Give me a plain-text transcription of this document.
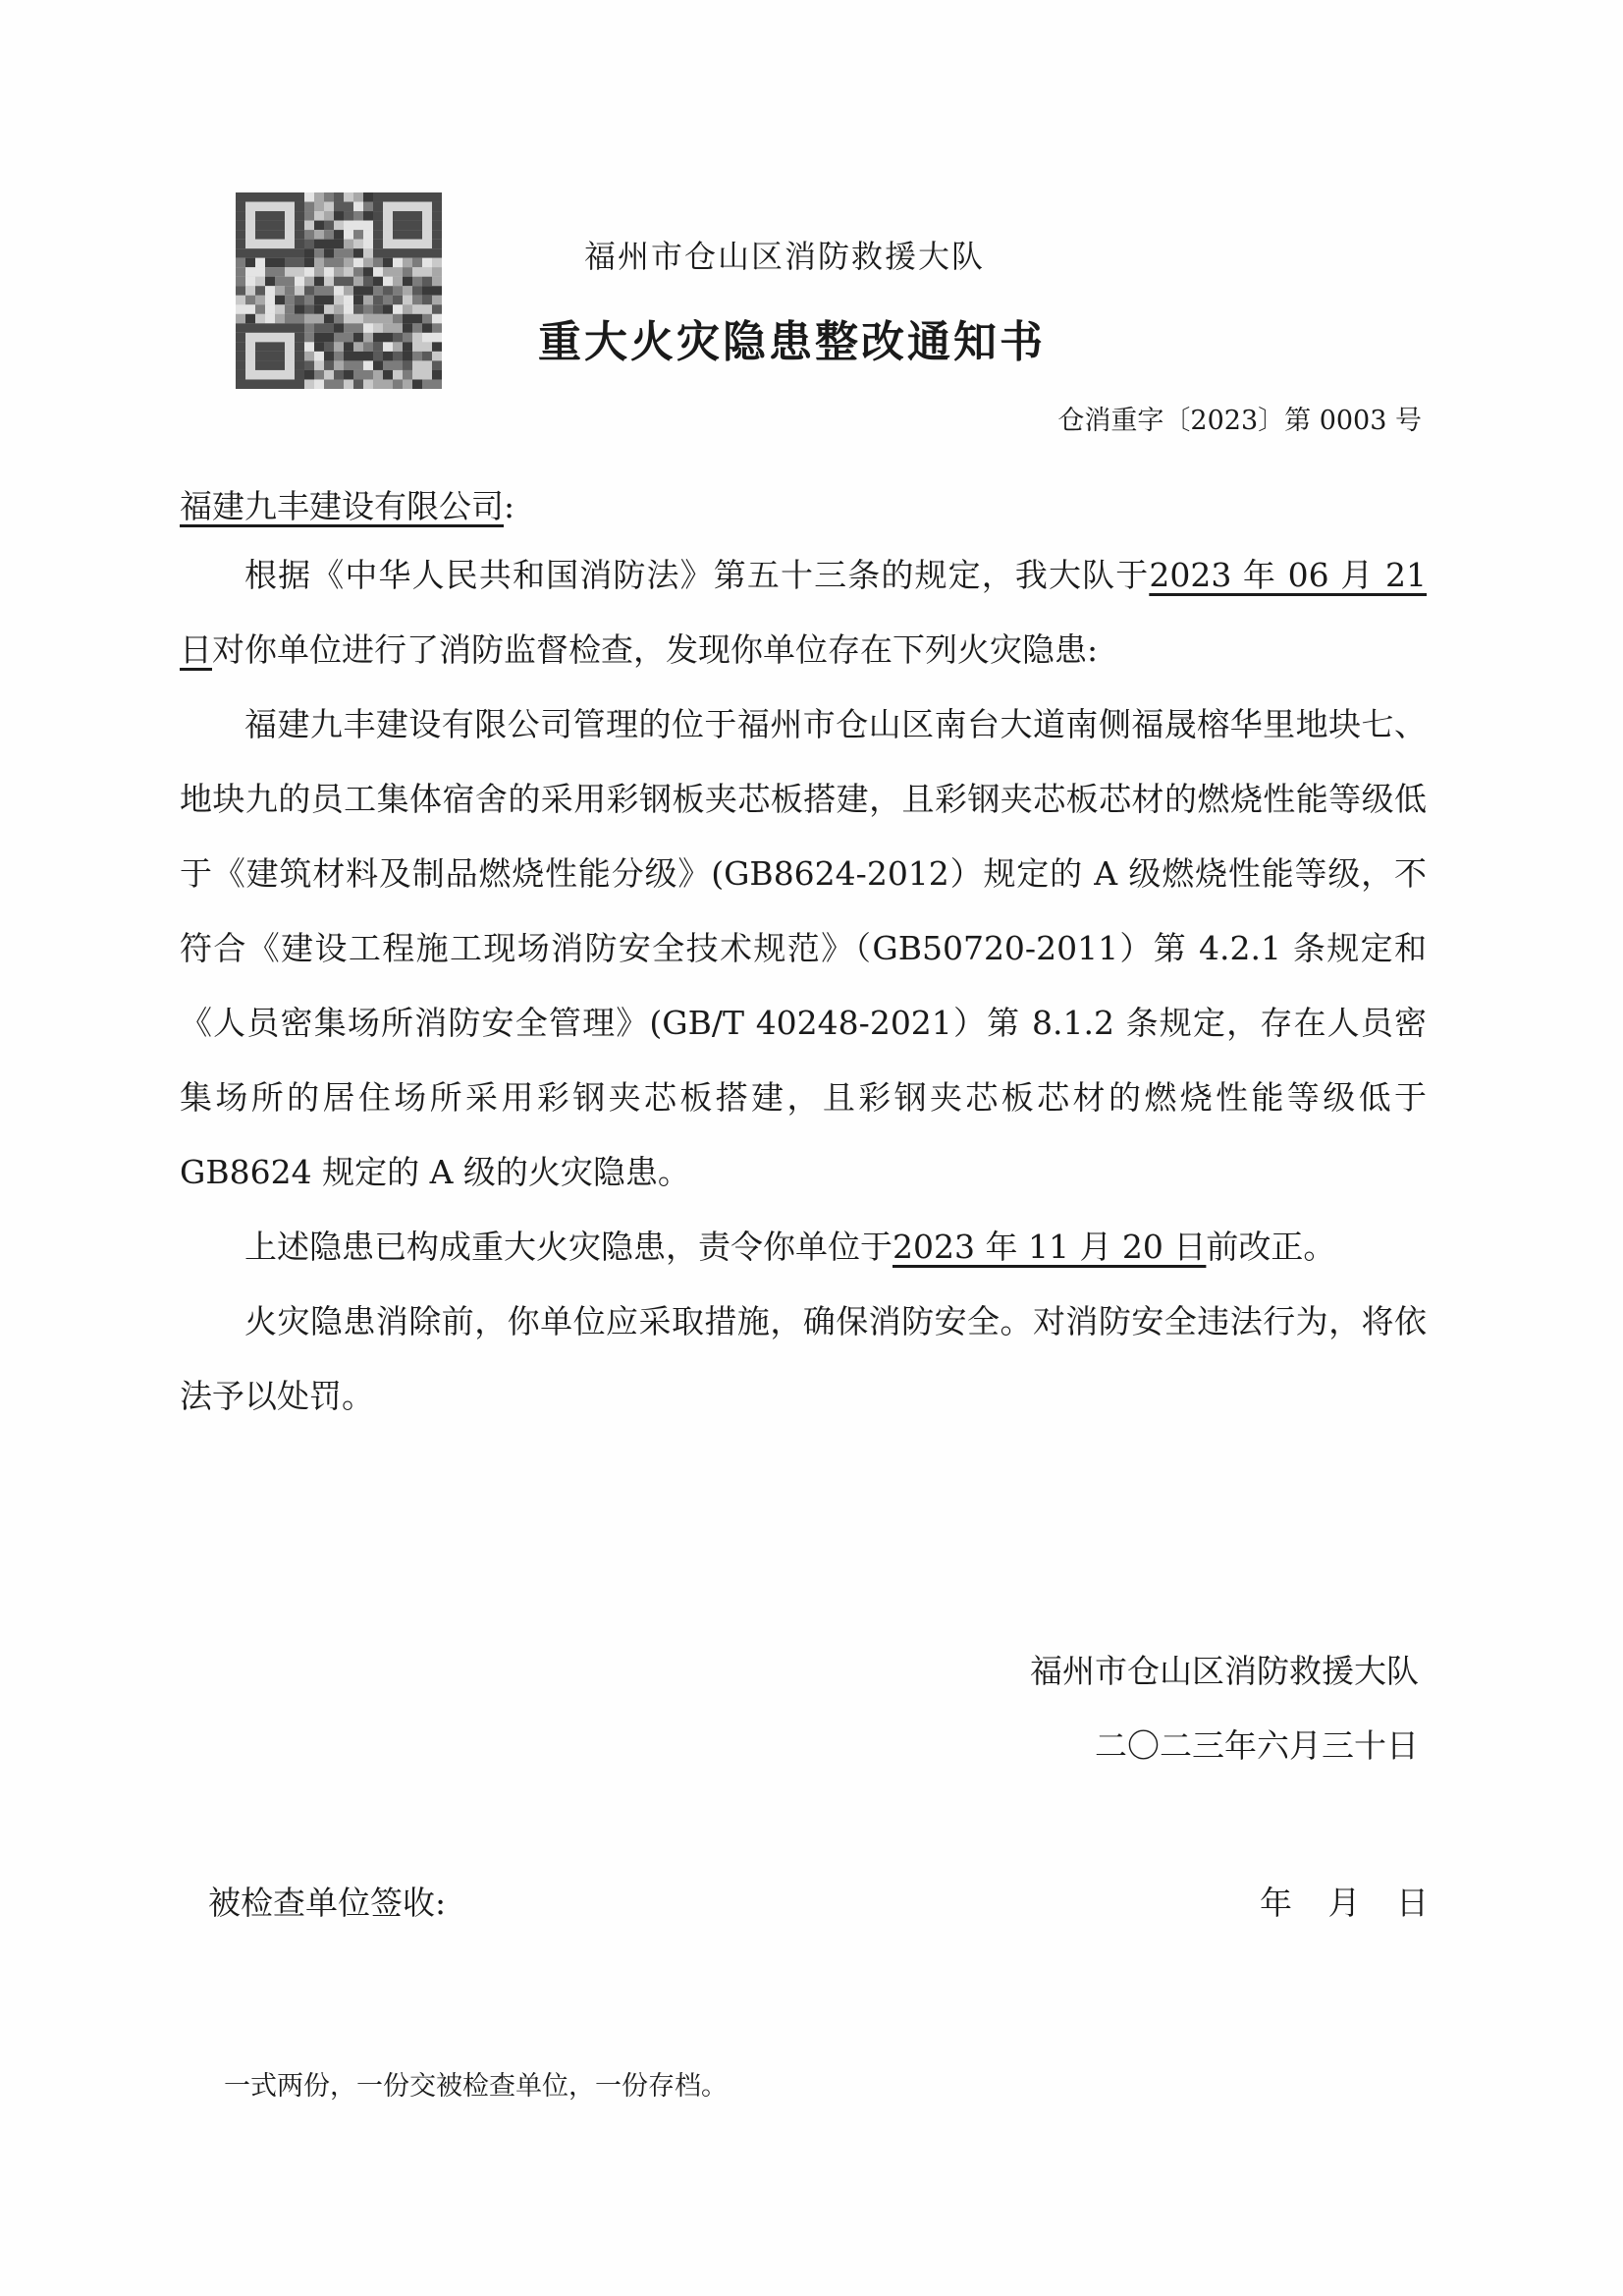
福州市仓山区消防救援大队
重大火灾隐患整改通知书
仓消重字〔2023〕第 0003 号
福建九丰建设有限公司:

根据《中华人民共和国消防法》第五十三条的规定，我大队于2023 年 06 月 21 日对你单位进行了消防监督检查，发现你单位存在下列火灾隐患:

福建九丰建设有限公司管理的位于福州市仓山区南台大道南侧福晟榕华里地块七、地块九的员工集体宿舍的采用彩钢板夹芯板搭建，且彩钢夹芯板芯材的燃烧性能等级低于《建筑材料及制品燃烧性能分级》(GB8624-2012）规定的 A 级燃烧性能等级，不符合《建设工程施工现场消防安全技术规范》（GB50720-2011）第 4.2.1 条规定和《人员密集场所消防安全管理》(GB/T 40248-2021）第 8.1.2 条规定，存在人员密集场所的居住场所采用彩钢夹芯板搭建，且彩钢夹芯板芯材的燃烧性能等级低于 GB8624 规定的 A 级的火灾隐患。

上述隐患已构成重大火灾隐患，责令你单位于2023 年 11 月 20 日前改正。

火灾隐患消除前，你单位应采取措施，确保消防安全。对消防安全违法行为，将依法予以处罚。

福州市仓山区消防救援大队
二〇二三年六月三十日
被检查单位签收:	年 月 日
一式两份，一份交被检查单位，一份存档。
